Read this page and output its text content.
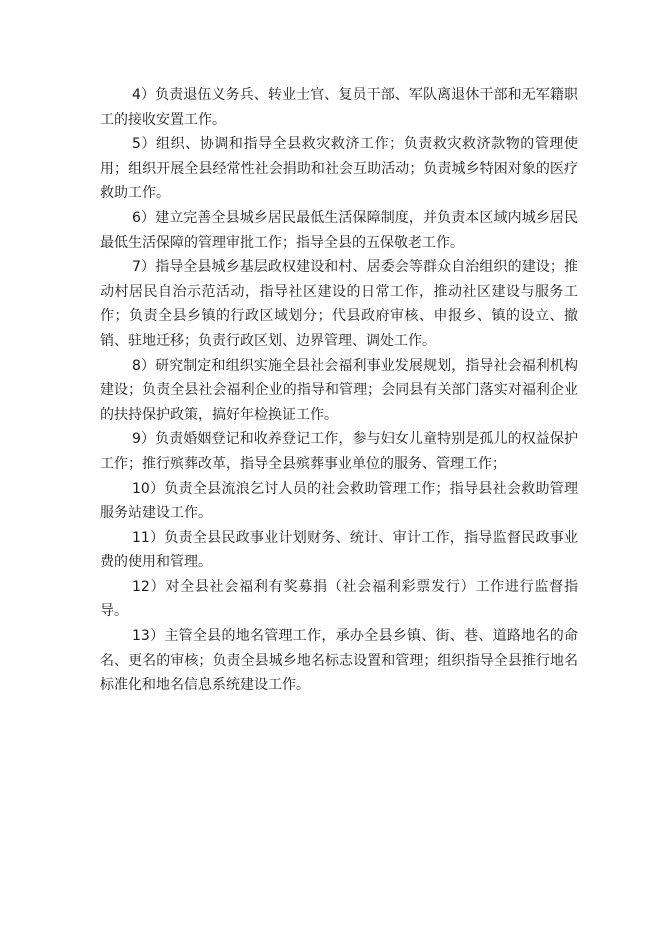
4）负责退伍义务兵、转业士官、复员干部、军队离退休干部和无军籍职工的接收安置工作。

5）组织、协调和指导全县救灾救济工作；负责救灾救济款物的管理使用；组织开展全县经常性社会捐助和社会互助活动；负责城乡特困对象的医疗救助工作。

6）建立完善全县城乡居民最低生活保障制度，并负责本区域内城乡居民最低生活保障的管理审批工作；指导全县的五保敬老工作。

7）指导全县城乡基层政权建设和村、居委会等群众自治组织的建设；推动村居民自治示范活动，指导社区建设的日常工作，推动社区建设与服务工作；负责全县乡镇的行政区域划分；代县政府审核、申报乡、镇的设立、撤销、驻地迁移；负责行政区划、边界管理、调处工作。

8）研究制定和组织实施全县社会福利事业发展规划，指导社会福利机构建设；负责全县社会福利企业的指导和管理；会同县有关部门落实对福利企业的扶持保护政策，搞好年检换证工作。

9）负责婚姻登记和收养登记工作，参与妇女儿童特别是孤儿的权益保护工作；推行殡葬改革，指导全县殡葬事业单位的服务、管理工作；

10）负责全县流浪乞讨人员的社会救助管理工作；指导县社会救助管理服务站建设工作。

11）负责全县民政事业计划财务、统计、审计工作，指导监督民政事业费的使用和管理。

12）对全县社会福利有奖募捐（社会福利彩票发行）工作进行监督指导。

13）主管全县的地名管理工作，承办全县乡镇、街、巷、道路地名的命名、更名的审核；负责全县城乡地名标志设置和管理；组织指导全县推行地名标准化和地名信息系统建设工作。
